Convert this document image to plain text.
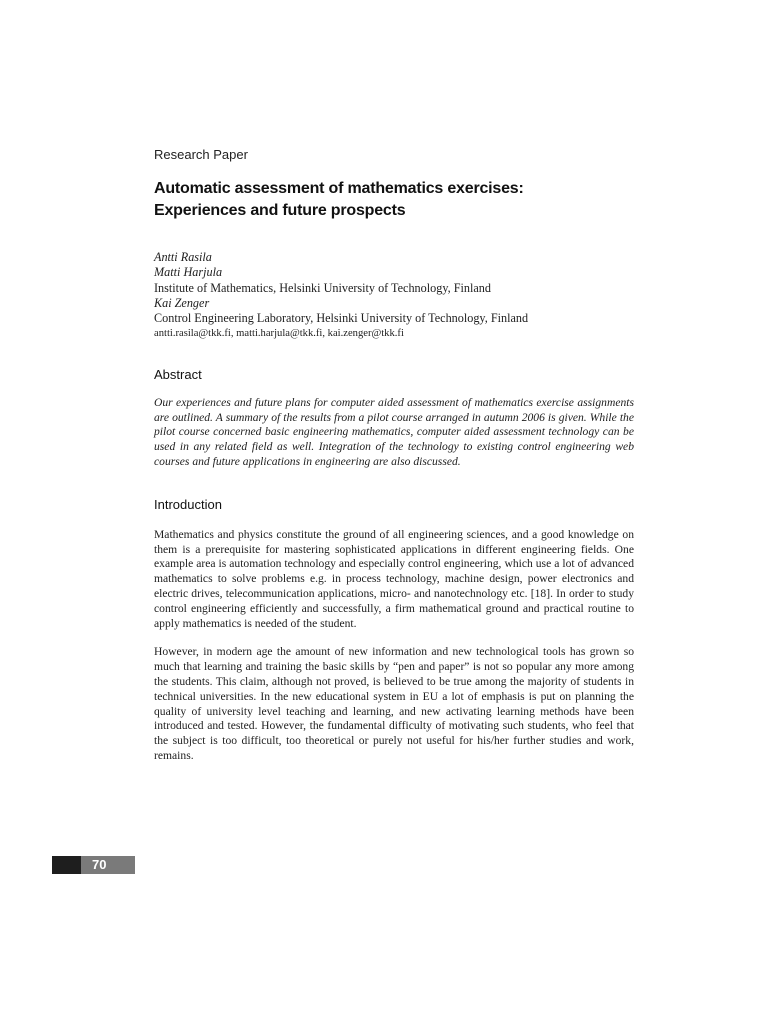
Research Paper

Automatic assessment of mathematics exercises:
Experiences and future prospects
Antti Rasila
Matti Harjula
Institute of Mathematics, Helsinki University of Technology, Finland
Kai Zenger
Control Engineering Laboratory, Helsinki University of Technology, Finland
antti.rasila@tkk.fi, matti.harjula@tkk.fi, kai.zenger@tkk.fi
Abstract

Our experiences and future plans for computer aided assessment of mathematics exercise assignments are outlined. A summary of the results from a pilot course arranged in autumn 2006 is given. While the pilot course concerned basic engineering mathematics, computer aided assessment technology can be used in any related field as well. Integration of the technology to existing control engineering web courses and future applications in engineering are also discussed.

Introduction

Mathematics and physics constitute the ground of all engineering sciences, and a good knowledge on them is a prerequisite for mastering sophisticated applications in different engineering fields. One example area is automation technology and especially control engineering, which use a lot of advanced mathematics to solve problems e.g. in process technology, machine design, power electronics and electric drives, telecommunication applications, micro- and nanotechnology etc. [18]. In order to study control engineering efficiently and successfully, a firm mathematical ground and practical routine to apply mathematics is needed of the student.

However, in modern age the amount of new information and new technological tools has grown so much that learning and training the basic skills by “pen and paper” is not so popular any more among the students. This claim, although not proved, is believed to be true among the majority of students in technical universities. In the new educational system in EU a lot of emphasis is put on planning the quality of university level teaching and learning, and new activating learning methods have been introduced and tested. However, the fundamental difficulty of motivating such students, who feel that the subject is too difficult, too theoretical or purely not useful for his/her further studies and work, remains.

70
